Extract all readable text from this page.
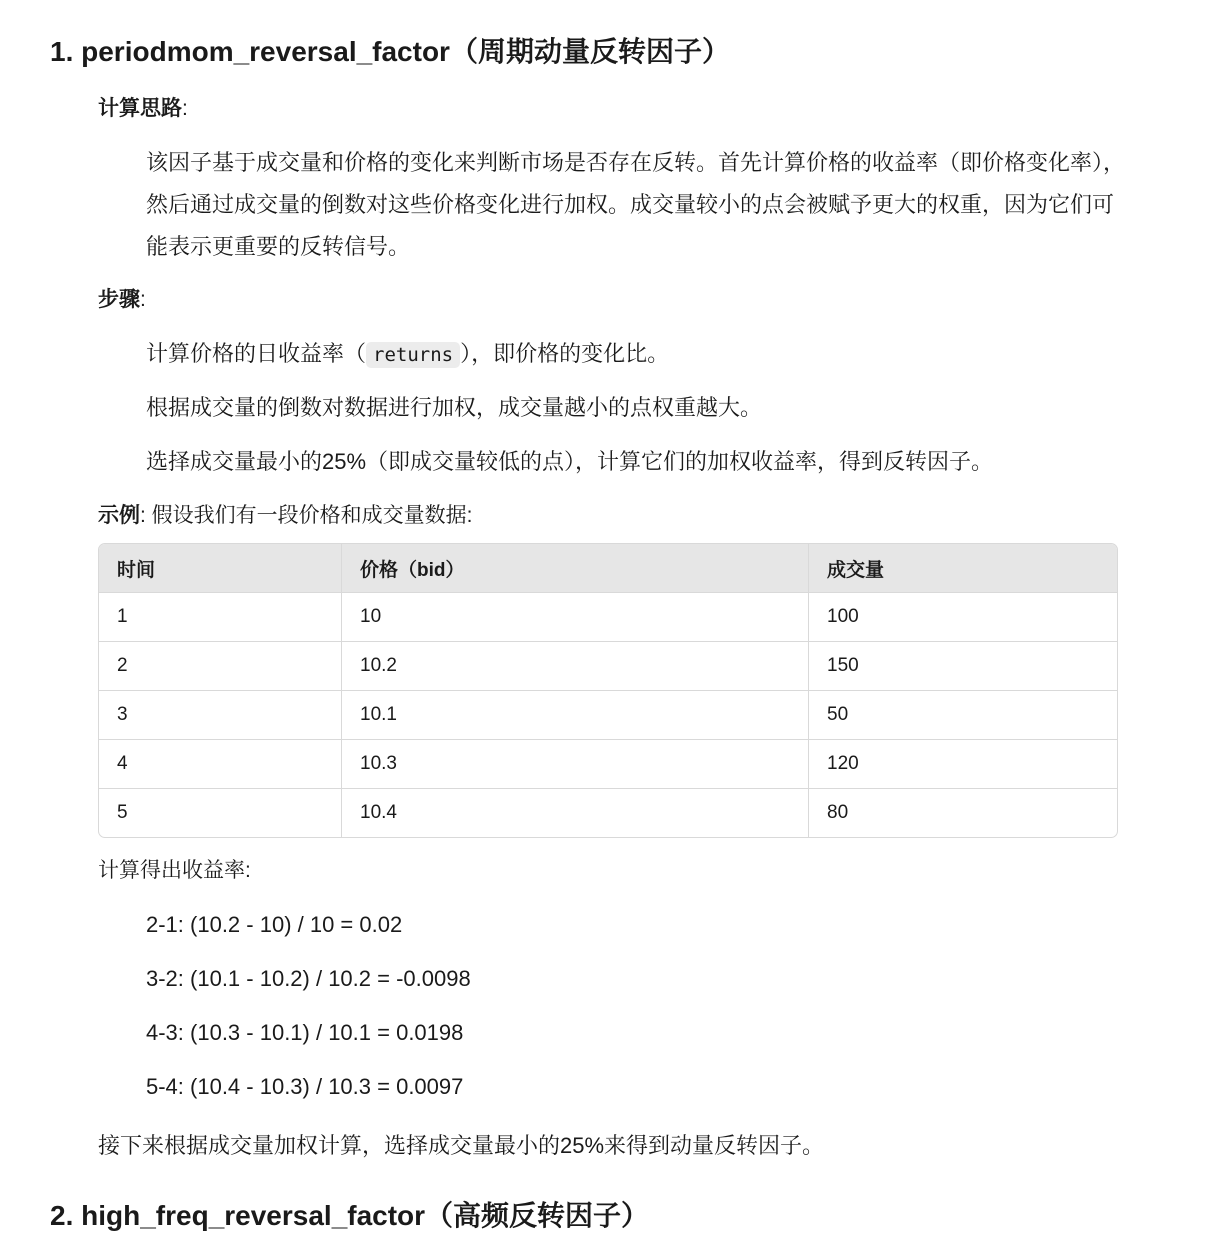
1. periodmom_reversal_factor（周期动量反转因子）
计算思路:
该因子基于成交量和价格的变化来判断市场是否存在反转。首先计算价格的收益率（即价格变化率），然后通过成交量的倒数对这些价格变化进行加权。成交量较小的点会被赋予更大的权重，因为它们可能表示更重要的反转信号。
步骤:
计算价格的日收益率（ returns ），即价格的变化比。
根据成交量的倒数对数据进行加权，成交量越小的点权重越大。
选择成交量最小的25%（即成交量较低的点），计算它们的加权收益率，得到反转因子。
示例: 假设我们有一段价格和成交量数据:
时间	价格（bid）	成交量
1	10	100
2	10.2	150
3	10.1	50
4	10.3	120
5	10.4	80
计算得出收益率:
2-1: (10.2 - 10) / 10 = 0.02
3-2: (10.1 - 10.2) / 10.2 = -0.0098
4-3: (10.3 - 10.1) / 10.1 = 0.0198
5-4: (10.4 - 10.3) / 10.3 = 0.0097
接下来根据成交量加权计算，选择成交量最小的25%来得到动量反转因子。
2. high_freq_reversal_factor（高频反转因子）
